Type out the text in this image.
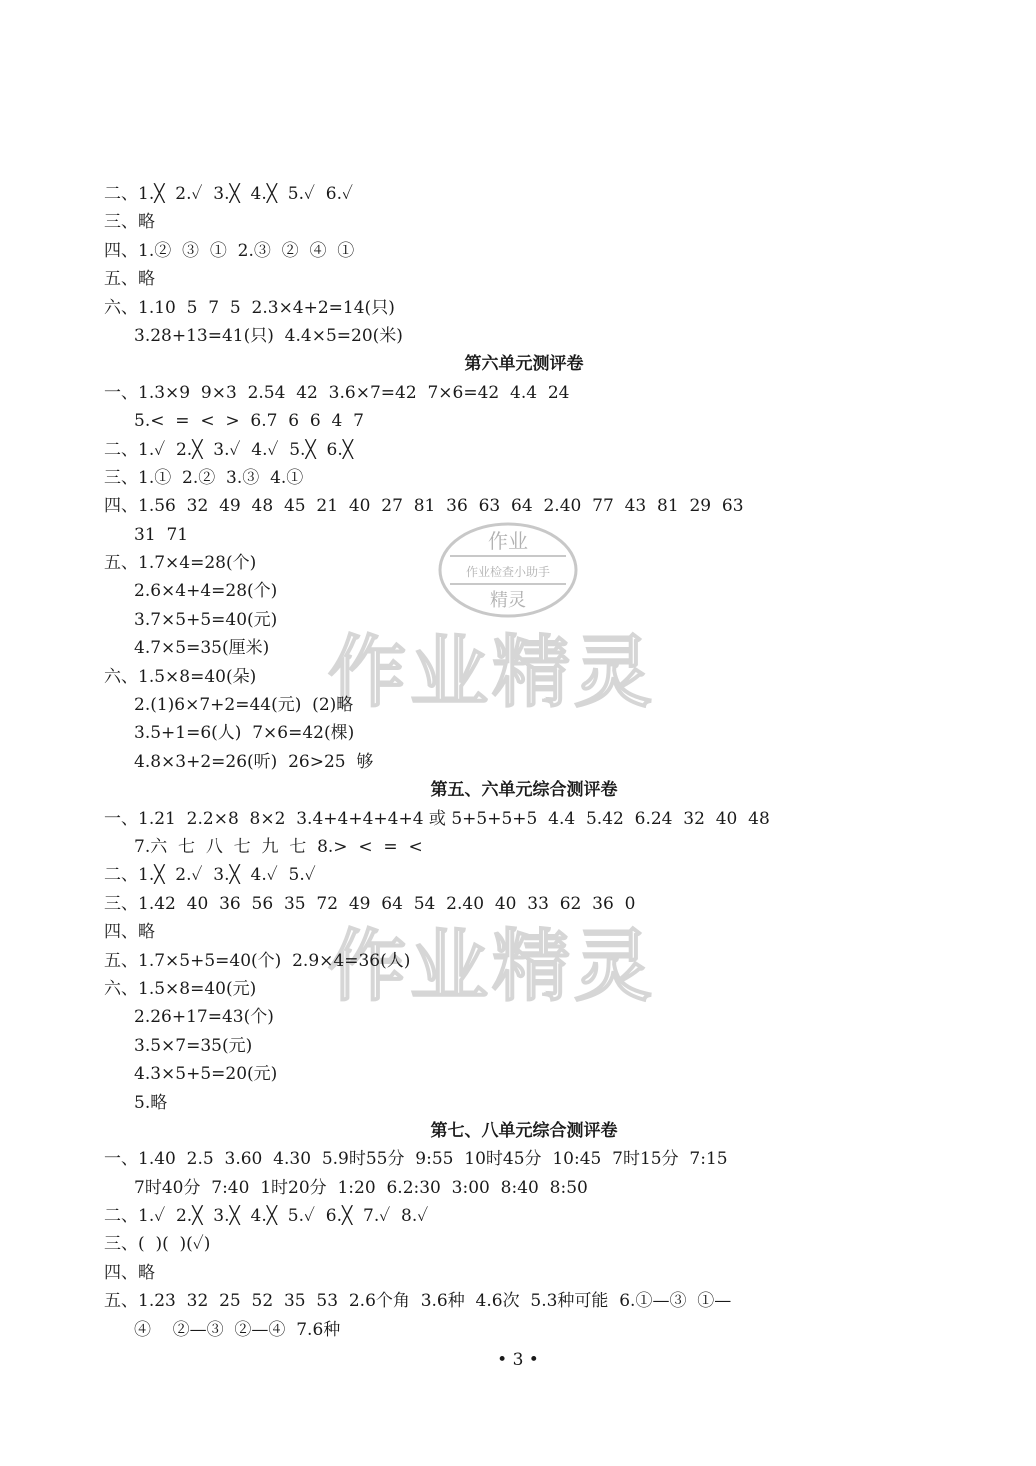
作业精灵
作业精灵
作业
作业检查小助手
精灵
二、1.╳  2.✓  3.╳  4.╳  5.✓  6.✓
三、略
四、1.②  ③  ①  2.③  ②  ④  ①
五、略
六、1.10  5  7  5  2.3×4+2=14(只)
3.28+13=41(只)  4.4×5=20(米)
第六单元测评卷
一、1.3×9  9×3  2.54  42  3.6×7=42  7×6=42  4.4  24
5.<  =  <  >  6.7  6  6  4  7
二、1.✓  2.╳  3.✓  4.✓  5.╳  6.╳
三、1.①  2.②  3.③  4.①
四、1.56  32  49  48  45  21  40  27  81  36  63  64  2.40  77  43  81  29  63
31  71
五、1.7×4=28(个)
2.6×4+4=28(个)
3.7×5+5=40(元)
4.7×5=35(厘米)
六、1.5×8=40(朵)
2.(1)6×7+2=44(元)  (2)略
3.5+1=6(人)  7×6=42(棵)
4.8×3+2=26(听)  26>25  够
第五、六单元综合测评卷
一、1.21  2.2×8  8×2  3.4+4+4+4+4 或 5+5+5+5  4.4  5.42  6.24  32  40  48
7.六  七  八  七  九  七  8.>  <  =  <
二、1.╳  2.✓  3.╳  4.✓  5.✓
三、1.42  40  36  56  35  72  49  64  54  2.40  40  33  62  36  0
四、略
五、1.7×5+5=40(个)  2.9×4=36(人)
六、1.5×8=40(元)
2.26+17=43(个)
3.5×7=35(元)
4.3×5+5=20(元)
5.略
第七、八单元综合测评卷
一、1.40  2.5  3.60  4.30  5.9时55分  9:55  10时45分  10:45  7时15分  7:15
7时40分  7:40  1时20分  1:20  6.2:30  3:00  8:40  8:50
二、1.✓  2.╳  3.╳  4.╳  5.✓  6.╳  7.✓  8.✓
三、(  )(  )(✓)
四、略
五、1.23  32  25  52  35  53  2.6个角  3.6种  4.6次  5.3种可能  6.①—③  ①—
④    ②—③  ②—④  7.6种
• 3 •
